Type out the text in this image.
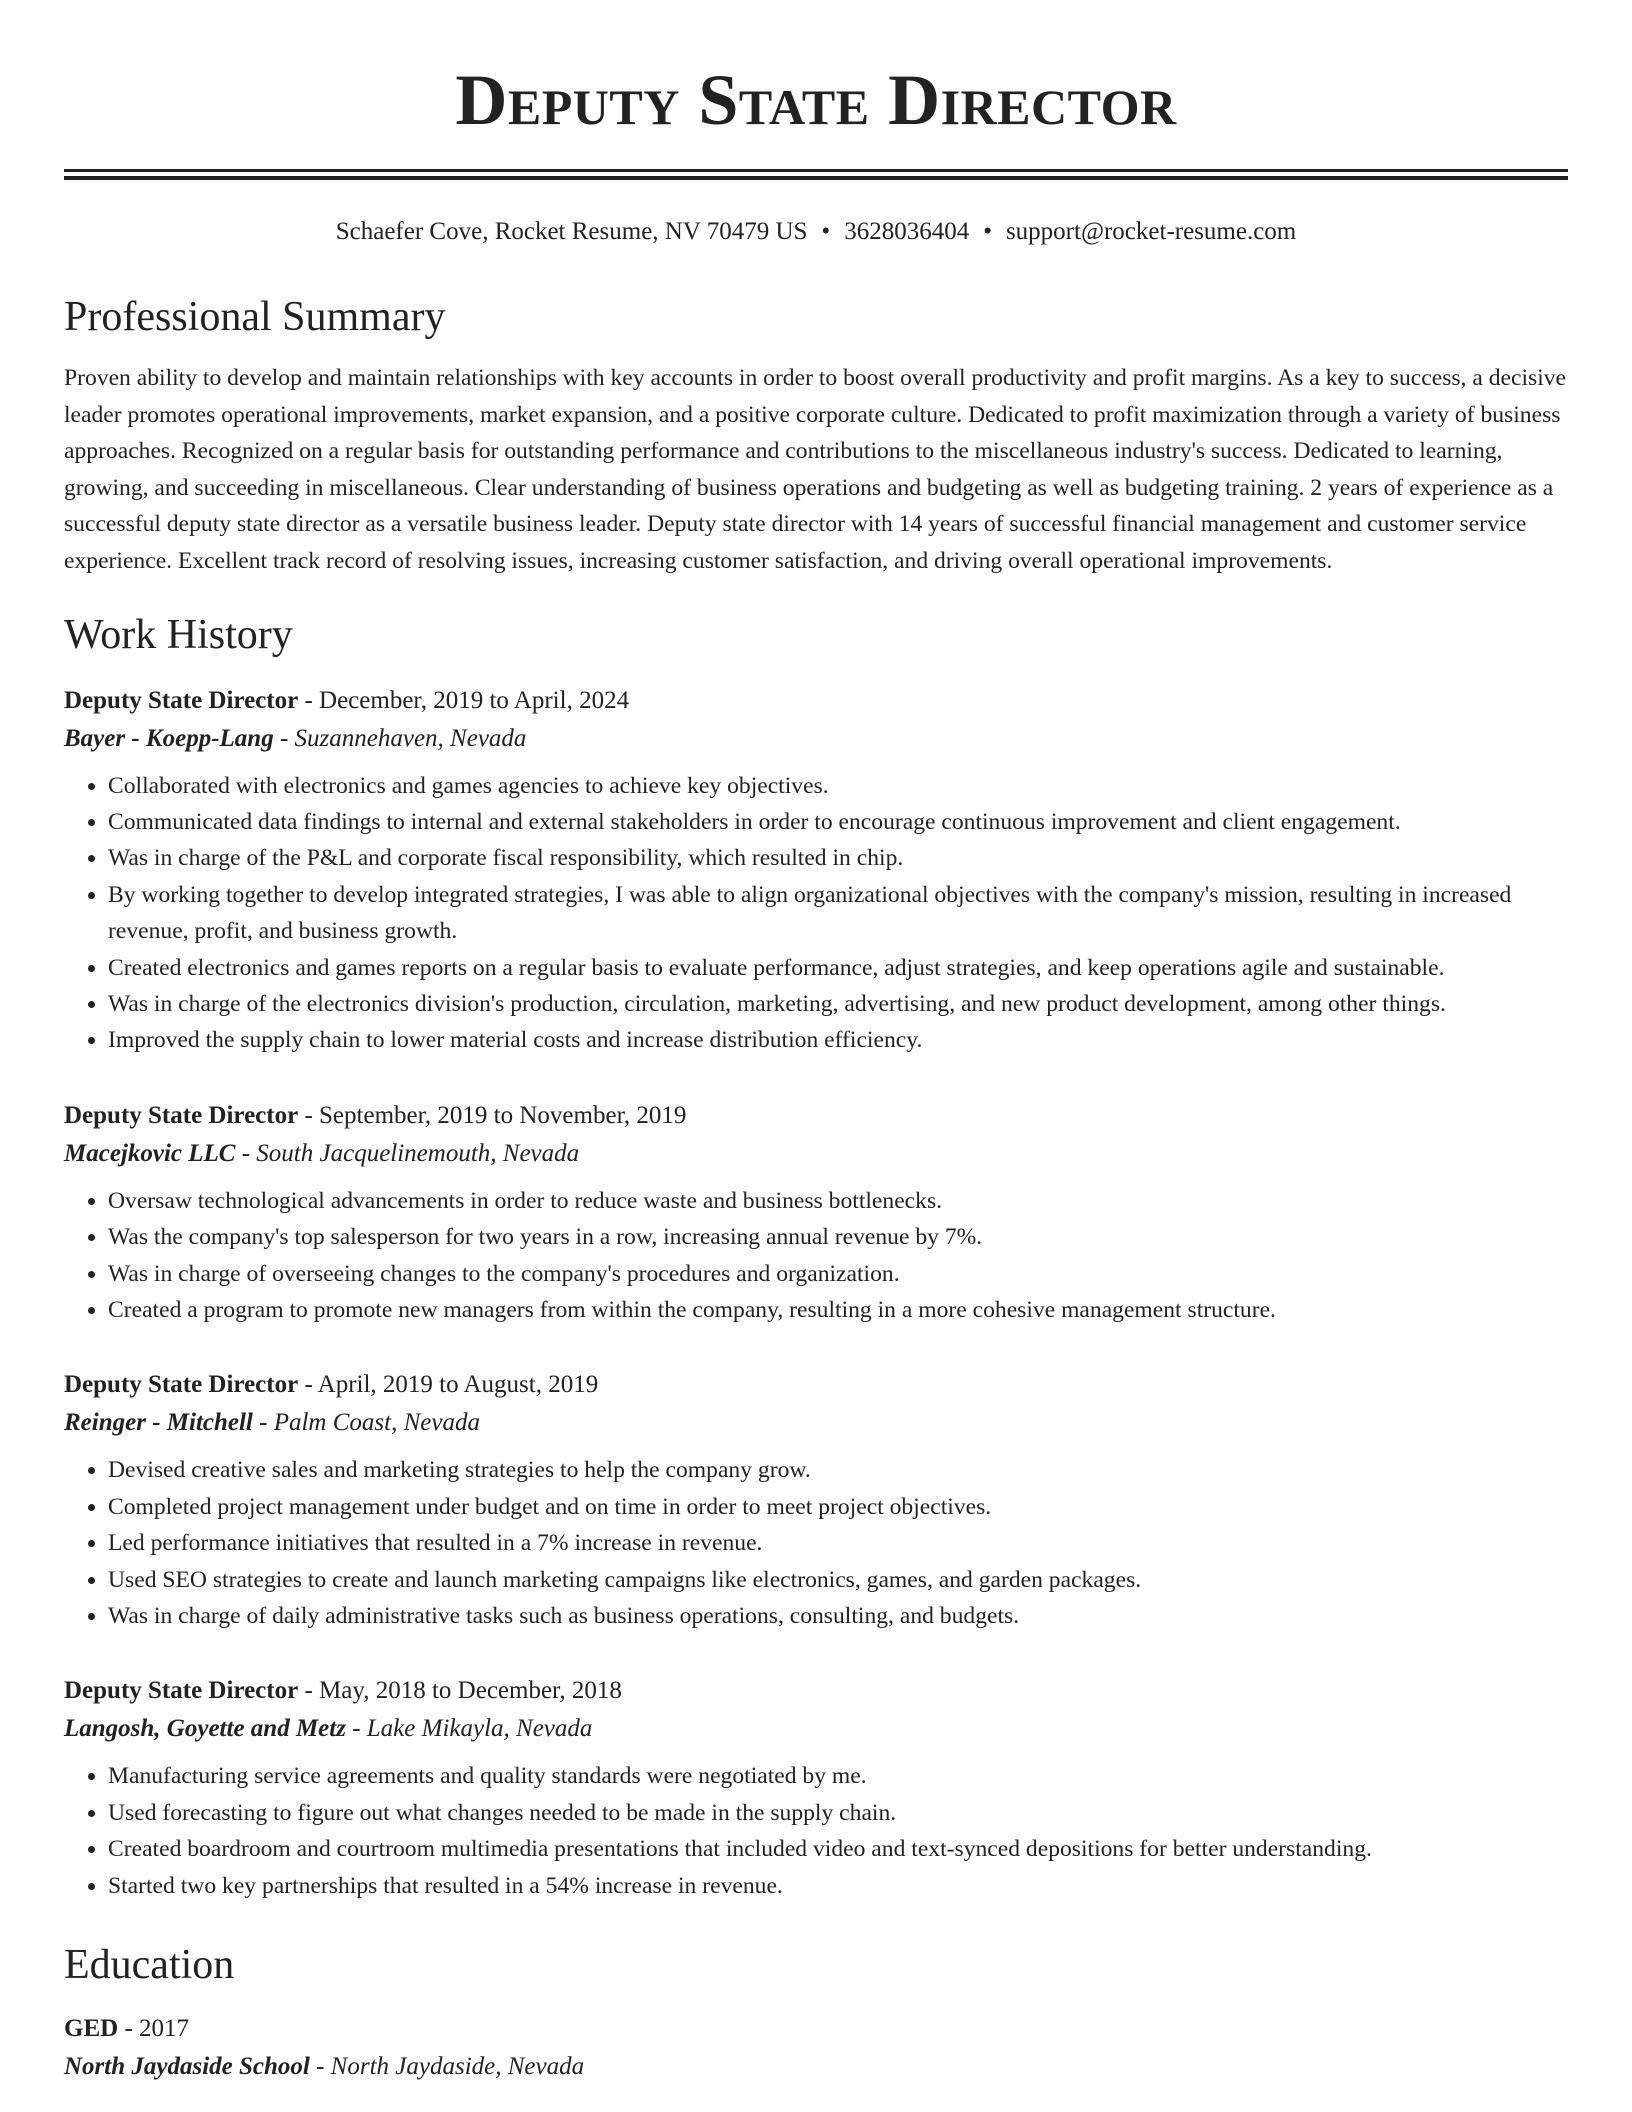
Deputy State Director
Schaefer Cove, Rocket Resume, NV 70479 US • 3628036404 • support@rocket-resume.com
Professional Summary

Proven ability to develop and maintain relationships with key accounts in order to boost overall productivity and profit margins. As a key to success, a decisive leader promotes operational improvements, market expansion, and a positive corporate culture. Dedicated to profit maximization through a variety of business approaches. Recognized on a regular basis for outstanding performance and contributions to the miscellaneous industry's success. Dedicated to learning, growing, and succeeding in miscellaneous. Clear understanding of business operations and budgeting as well as budgeting training. 2 years of experience as a successful deputy state director as a versatile business leader. Deputy state director with 14 years of successful financial management and customer service experience. Excellent track record of resolving issues, increasing customer satisfaction, and driving overall operational improvements.

Work History
Deputy State Director - December, 2019 to April, 2024
Bayer - Koepp-Lang - Suzannehaven, Nevada
• Collaborated with electronics and games agencies to achieve key objectives.
• Communicated data findings to internal and external stakeholders in order to encourage continuous improvement and client engagement.
• Was in charge of the P&L and corporate fiscal responsibility, which resulted in chip.
• By working together to develop integrated strategies, I was able to align organizational objectives with the company's mission, resulting in increased revenue, profit, and business growth.
• Created electronics and games reports on a regular basis to evaluate performance, adjust strategies, and keep operations agile and sustainable.
• Was in charge of the electronics division's production, circulation, marketing, advertising, and new product development, among other things.
• Improved the supply chain to lower material costs and increase distribution efficiency.
Deputy State Director - September, 2019 to November, 2019
Macejkovic LLC - South Jacquelinemouth, Nevada
• Oversaw technological advancements in order to reduce waste and business bottlenecks.
• Was the company's top salesperson for two years in a row, increasing annual revenue by 7%.
• Was in charge of overseeing changes to the company's procedures and organization.
• Created a program to promote new managers from within the company, resulting in a more cohesive management structure.
Deputy State Director - April, 2019 to August, 2019
Reinger - Mitchell - Palm Coast, Nevada
• Devised creative sales and marketing strategies to help the company grow.
• Completed project management under budget and on time in order to meet project objectives.
• Led performance initiatives that resulted in a 7% increase in revenue.
• Used SEO strategies to create and launch marketing campaigns like electronics, games, and garden packages.
• Was in charge of daily administrative tasks such as business operations, consulting, and budgets.
Deputy State Director - May, 2018 to December, 2018
Langosh, Goyette and Metz - Lake Mikayla, Nevada
• Manufacturing service agreements and quality standards were negotiated by me.
• Used forecasting to figure out what changes needed to be made in the supply chain.
• Created boardroom and courtroom multimedia presentations that included video and text-synced depositions for better understanding.
• Started two key partnerships that resulted in a 54% increase in revenue.
Education
GED - 2017
North Jaydaside School - North Jaydaside, Nevada
